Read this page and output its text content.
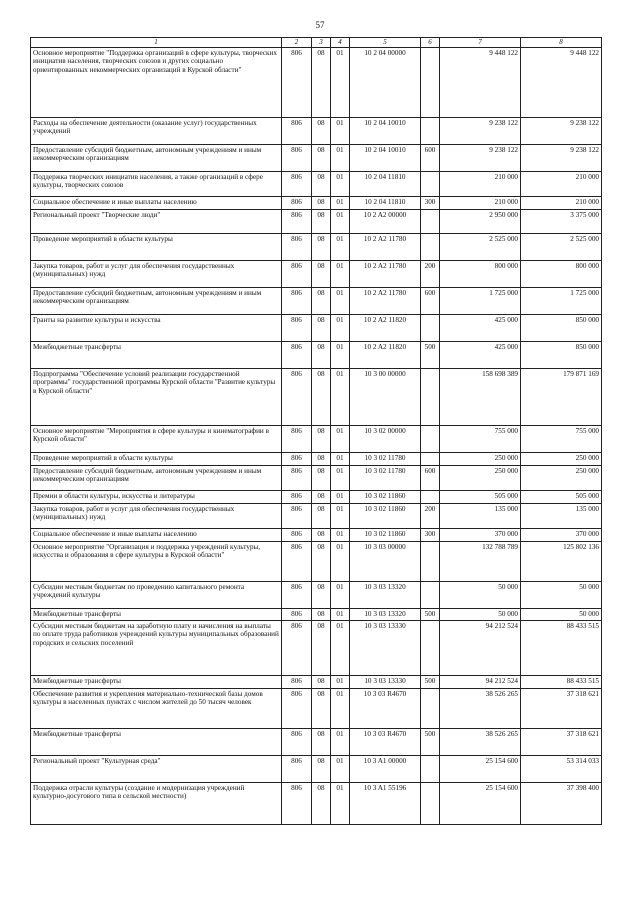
57
1	2	3	4	5	6	7	8
Основное мероприятие "Поддержка организаций в сфере культуры, творческих инициатив населения, творческих союзов и других социально ориентированных некоммерческих организаций в Курской области"	806	08	01	10 2 04 00000		9 448 122	9 448 122
Расходы на обеспечение деятельности (оказание услуг) государственных учреждений	806	08	01	10 2 04 10010		9 238 122	9 238 122
Предоставление субсидий бюджетным, автономным учреждениям и иным некоммерческим организациям	806	08	01	10 2 04 10010	600	9 238 122	9 238 122
Поддержка творческих инициатив населения, а также организаций в сфере культуры, творческих союзов	806	08	01	10 2 04 11810		210 000	210 000
Социальное обеспечение и иные выплаты населению	806	08	01	10 2 04 11810	300	210 000	210 000
Региональный проект "Творческие люди"	806	08	01	10 2 A2 00000		2 950 000	3 375 000
Проведение мероприятий в области культуры	806	08	01	10 2 A2 11780		2 525 000	2 525 000
Закупка товаров, работ и услуг для обеспечения государственных (муниципальных) нужд	806	08	01	10 2 A2 11780	200	800 000	800 000
Предоставление субсидий бюджетным, автономным учреждениям и иным некоммерческим организациям	806	08	01	10 2 A2 11780	600	1 725 000	1 725 000
Гранты на развитие культуры и искусства	806	08	01	10 2 A2 11820		425 000	850 000
Межбюджетные трансферты	806	08	01	10 2 A2 11820	500	425 000	850 000
Подпрограмма "Обеспечение условий реализации государственной программы" государственной программы Курской области "Развитие культуры в Курской области"	806	08	01	10 3 00 00000		158 698 389	179 871 169
Основное мероприятие "Мероприятия в сфере культуры и кинематографии в Курской области"	806	08	01	10 3 02 00000		755 000	755 000
Проведение мероприятий в области культуры	806	08	01	10 3 02 11780		250 000	250 000
Предоставление субсидий бюджетным, автономным учреждениям и иным некоммерческим организациям	806	08	01	10 3 02 11780	600	250 000	250 000
Премии в области культуры, искусства и литературы	806	08	01	10 3 02 11860		505 000	505 000
Закупка товаров, работ и услуг для обеспечения государственных (муниципальных) нужд	806	08	01	10 3 02 11860	200	135 000	135 000
Социальное обеспечение и иные выплаты населению	806	08	01	10 3 02 11860	300	370 000	370 000
Основное мероприятие "Организация и поддержка учреждений культуры, искусства и образования в сфере культуры в Курской области"	806	08	01	10 3 03 00000		132 788 789	125 802 136
Субсидии местным бюджетам по проведению капитального ремонта учреждений культуры	806	08	01	10 3 03 13320		50 000	50 000
Межбюджетные трансферты	806	08	01	10 3 03 13320	500	50 000	50 000
Субсидии местным бюджетам на заработную плату и начисления на выплаты по оплате труда работников учреждений культуры муниципальных образований городских и сельских поселений	806	08	01	10 3 03 13330		94 212 524	88 433 515
Межбюджетные трансферты	806	08	01	10 3 03 13330	500	94 212 524	88 433 515
Обеспечение развития и укрепления материально-технической базы домов культуры в населенных пунктах с числом жителей до 50 тысяч человек	806	08	01	10 3 03 R4670		38 526 265	37 318 621
Межбюджетные трансферты	806	08	01	10 3 03 R4670	500	38 526 265	37 318 621
Региональный проект "Культурная среда"	806	08	01	10 3 A1 00000		25 154 600	53 314 033
Поддержка отрасли культуры (создание и модернизация учреждений культурно-досугового типа в сельской местности)	806	08	01	10 3 A1 55196		25 154 600	37 398 400
